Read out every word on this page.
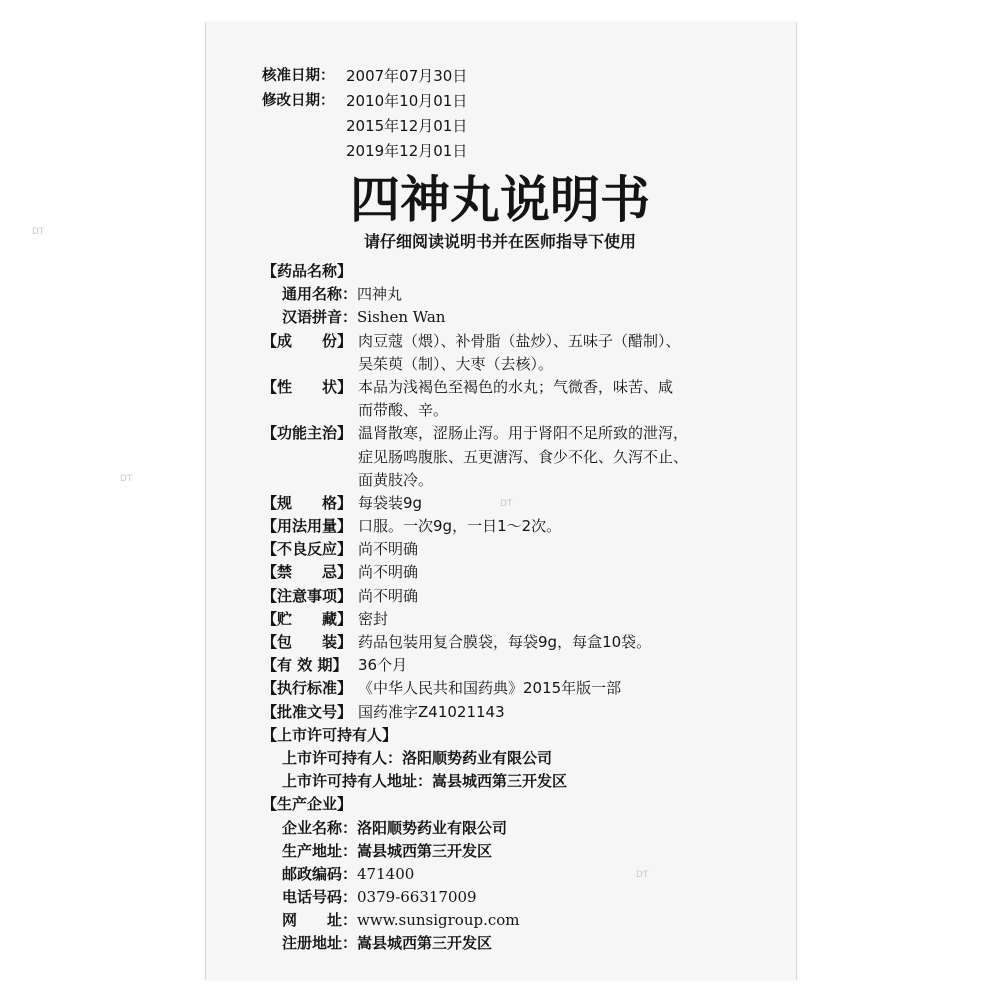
DT
DT
DT
DT
核准日期： 2007年07月30日
修改日期： 2010年10月01日
2015年12月01日
2019年12月01日
四神丸说明书
请仔细阅读说明书并在医师指导下使用
【药品名称】
通用名称： 四神丸
汉语拼音： Sishen Wan
【成　　份】 肉豆蔻（煨）、补骨脂（盐炒）、五味子（醋制）、
吴茱萸（制）、大枣（去核）。
【性　　状】 本品为浅褐色至褐色的水丸；气微香，味苦、咸
而带酸、辛。
【功能主治】 温肾散寒，涩肠止泻。用于肾阳不足所致的泄泻，
症见肠鸣腹胀、五更溏泻、食少不化、久泻不止、
面黄肢冷。
【规　　格】 每袋装9g
【用法用量】 口服。一次9g，一日1～2次。
【不良反应】 尚不明确
【禁　　忌】 尚不明确
【注意事项】 尚不明确
【贮　　藏】 密封
【包　　装】 药品包装用复合膜袋，每袋9g，每盒10袋。
【有 效 期】 36个月
【执行标准】 《中华人民共和国药典》2015年版一部
【批准文号】 国药准字Z41021143
【上市许可持有人】
上市许可持有人： 洛阳顺势药业有限公司
上市许可持有人地址： 嵩县城西第三开发区
【生产企业】
企业名称： 洛阳顺势药业有限公司
生产地址： 嵩县城西第三开发区
邮政编码： 471400
电话号码： 0379-66317009
网　　址： www.sunsigroup.com
注册地址： 嵩县城西第三开发区
